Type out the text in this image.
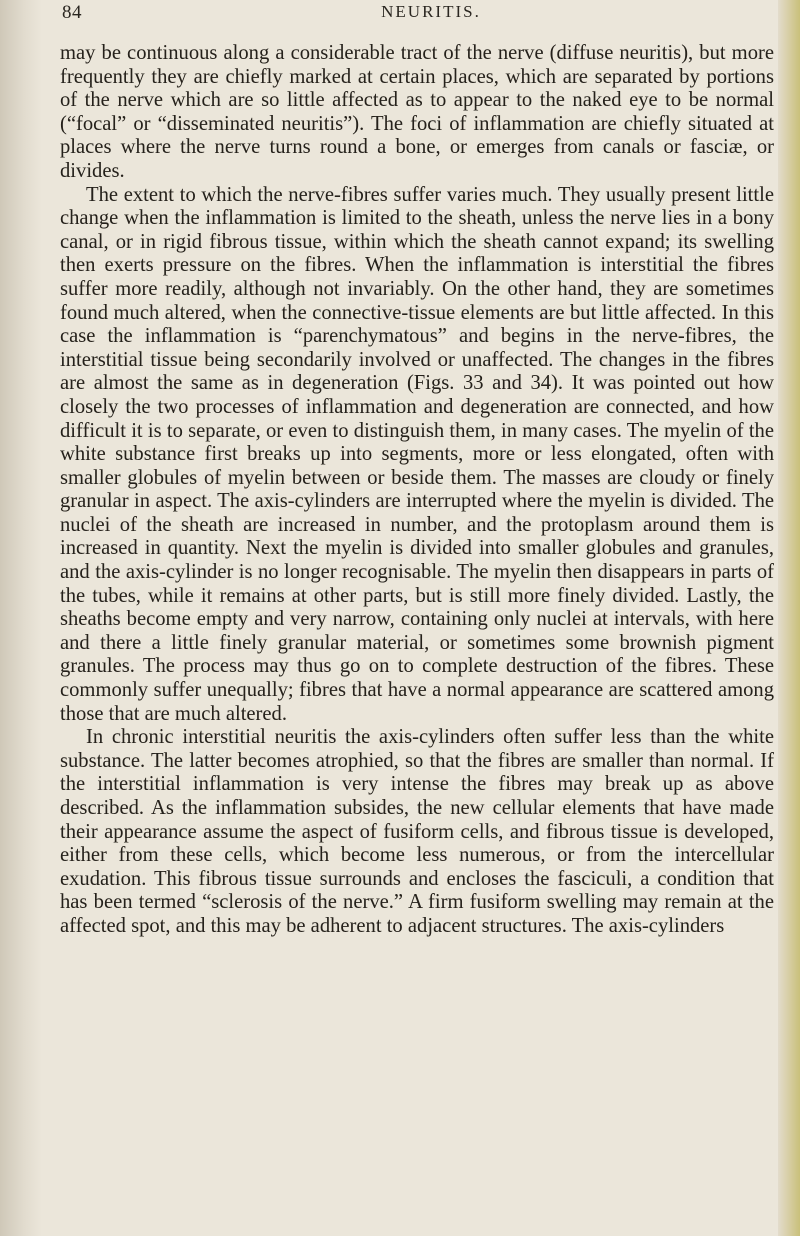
84	NEURITIS.

may be continuous along a considerable tract of the nerve (diffuse neuritis), but more frequently they are chiefly marked at certain places, which are separated by portions of the nerve which are so little affected as to appear to the naked eye to be normal (“focal” or “disseminated neuritis”). The foci of inflammation are chiefly situated at places where the nerve turns round a bone, or emerges from canals or fasciæ, or divides.

The extent to which the nerve-fibres suffer varies much. They usually present little change when the inflammation is limited to the sheath, unless the nerve lies in a bony canal, or in rigid fibrous tissue, within which the sheath cannot expand; its swelling then exerts pressure on the fibres. When the inflammation is interstitial the fibres suffer more readily, although not invariably. On the other hand, they are sometimes found much altered, when the connective-tissue elements are but little affected. In this case the inflammation is “parenchymatous” and begins in the nerve-fibres, the interstitial tissue being secondarily involved or unaffected. The changes in the fibres are almost the same as in degeneration (Figs. 33 and 34). It was pointed out how closely the two processes of inflammation and degeneration are connected, and how difficult it is to separate, or even to distinguish them, in many cases. The myelin of the white substance first breaks up into segments, more or less elongated, often with smaller globules of myelin between or beside them. The masses are cloudy or finely granular in aspect. The axis-cylinders are interrupted where the myelin is divided. The nuclei of the sheath are increased in number, and the protoplasm around them is increased in quantity. Next the myelin is divided into smaller globules and granules, and the axis-cylinder is no longer recognisable. The myelin then disappears in parts of the tubes, while it remains at other parts, but is still more finely divided. Lastly, the sheaths become empty and very narrow, containing only nuclei at intervals, with here and there a little finely granular material, or sometimes some brownish pigment granules. The process may thus go on to complete destruction of the fibres. These commonly suffer unequally; fibres that have a normal appearance are scattered among those that are much altered.

In chronic interstitial neuritis the axis-cylinders often suffer less than the white substance. The latter becomes atrophied, so that the fibres are smaller than normal. If the interstitial inflammation is very intense the fibres may break up as above described. As the inflammation subsides, the new cellular elements that have made their appearance assume the aspect of fusiform cells, and fibrous tissue is developed, either from these cells, which become less numerous, or from the intercellular exudation. This fibrous tissue surrounds and encloses the fasciculi, a condition that has been termed “sclerosis of the nerve.” A firm fusiform swelling may remain at the affected spot, and this may be adherent to adjacent structures. The axis-cylinders
